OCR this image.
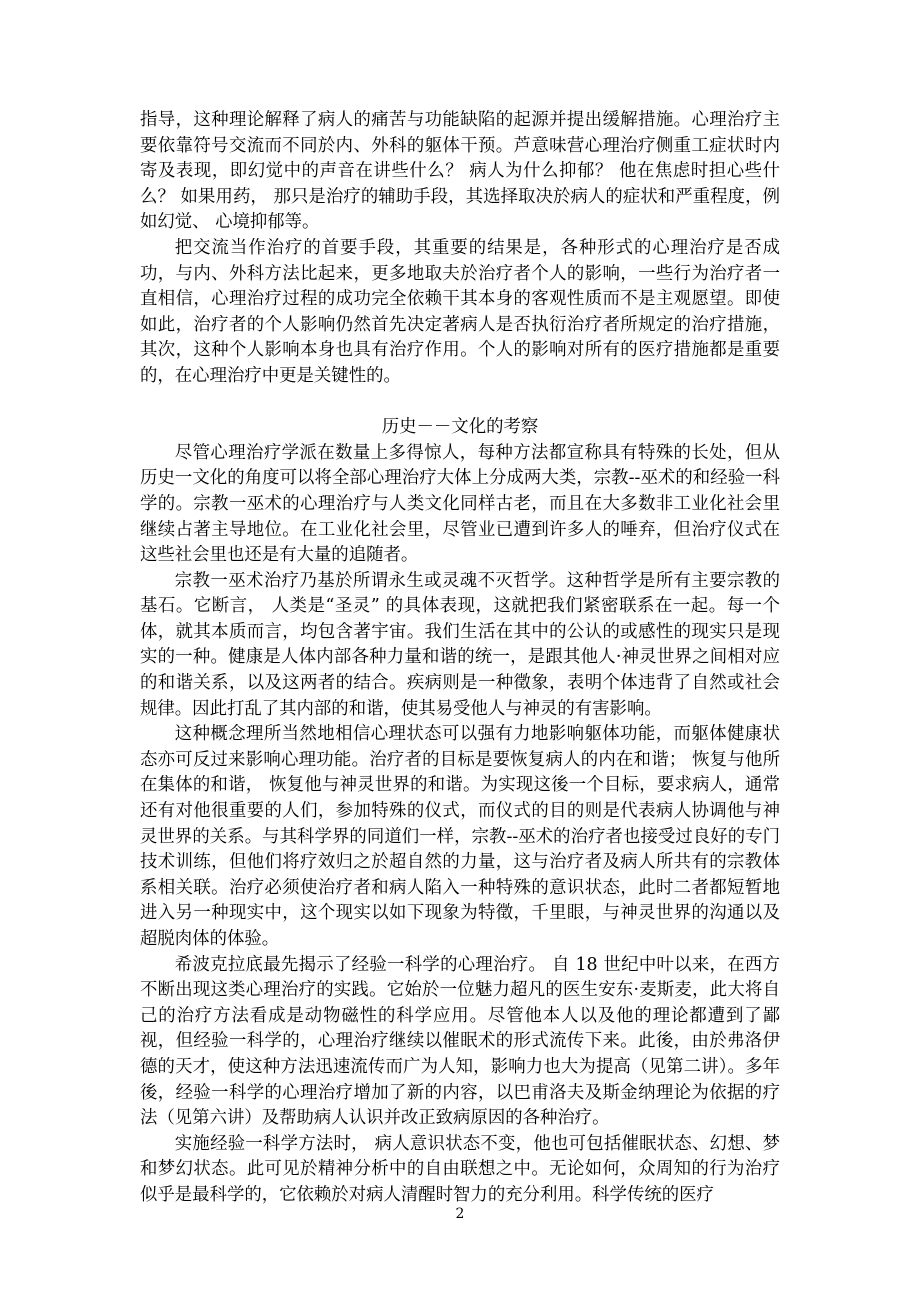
指导，这种理论解释了病人的痛苦与功能缺陷的起源并提出缓解措施。心理治疗主要依靠符号交流而不同於内、外科的躯体干预。芦意味营心理治疗侧重工症状时内寄及表现，即幻觉中的声音在讲些什么？ 病人为什么抑郁？ 他在焦虑时担心些什么？ 如果用药， 那只是治疗的辅助手段，其选择取决於病人的症状和严重程度，例如幻觉、 心境抑郁等。

把交流当作治疗的首要手段，其重要的结果是，各种形式的心理治疗是否成功，与内、外科方法比起来，更多地取夫於治疗者个人的影响，一些行为治疗者一直相信，心理治疗过程的成功完全依赖干其本身的客观性质而不是主观愿望。即使如此，治疗者的个人影响仍然首先决定著病人是否执衍治疗者所规定的治疗措施，其次，这种个人影响本身也具有治疗作用。个人的影响对所有的医疗措施都是重要的，在心理治疗中更是关键性的。

历史－－文化的考察

尽管心理治疗学派在数量上多得惊人，每种方法都宣称具有特殊的长处，但从历史一文化的角度可以将全部心理治疗大体上分成两大类，宗教--巫术的和经验一科学的。宗教一巫术的心理治疗与人类文化同样古老，而且在大多数非工业化社会里继续占著主导地位。在工业化社会里，尽管业已遭到许多人的唾弃，但治疗仪式在这些社会里也还是有大量的追随者。

宗教一巫术治疗乃基於所谓永生或灵魂不灭哲学。这种哲学是所有主要宗教的基石。它断言， 人类是“圣灵” 的具体表现，这就把我们紧密联系在一起。每一个体，就其本质而言，均包含著宇宙。我们生活在其中的公认的或感性的现实只是现实的一种。健康是人体内部各种力量和谐的统一，是跟其他人·神灵世界之间相对应的和谐关系，以及这两者的结合。疾病则是一种徵象，表明个体违背了自然或社会规律。因此打乱了其内部的和谐，使其易受他人与神灵的有害影响。

这种概念理所当然地相信心理状态可以强有力地影响躯体功能，而躯体健康状态亦可反过来影响心理功能。治疗者的目标是要恢复病人的内在和谐； 恢复与他所在集体的和谐， 恢复他与神灵世界的和谐。为实现这後一个目标，要求病人，通常还有对他很重要的人们，参加特殊的仪式，而仪式的目的则是代表病人协调他与神灵世界的关系。与其科学界的同道们一样，宗教--巫术的治疗者也接受过良好的专门技术训练，但他们将疗效归之於超自然的力量，这与治疗者及病人所共有的宗教体系相关联。治疗必须使治疗者和病人陷入一种特殊的意识状态，此时二者都短暂地进入另一种现实中，这个现实以如下现象为特徵，千里眼，与神灵世界的沟通以及超脱肉体的体验。

希波克拉底最先揭示了经验一科学的心理治疗。 自 18 世纪中叶以来，在西方不断出现这类心理治疗的实践。它始於一位魅力超凡的医生安东·麦斯麦，此大将自己的治疗方法看成是动物磁性的科学应用。尽管他本人以及他的理论都遭到了鄙视，但经验一科学的，心理治疗继续以催眠术的形式流传下来。此後，由於弗洛伊德的天才，使这种方法迅速流传而广为人知，影响力也大为提高（见第二讲）。多年後，经验一科学的心理治疗增加了新的内容，以巴甫洛夫及斯金纳理论为依据的疗法（见第六讲）及帮助病人认识并改正致病原因的各种治疗。

实施经验一科学方法时， 病人意识状态不变，他也可包括催眠状态、幻想、梦和梦幻状态。此可见於精神分析中的自由联想之中。无论如何，众周知的行为治疗似乎是最科学的，它依赖於对病人清醒时智力的充分利用。科学传统的医疗

2
